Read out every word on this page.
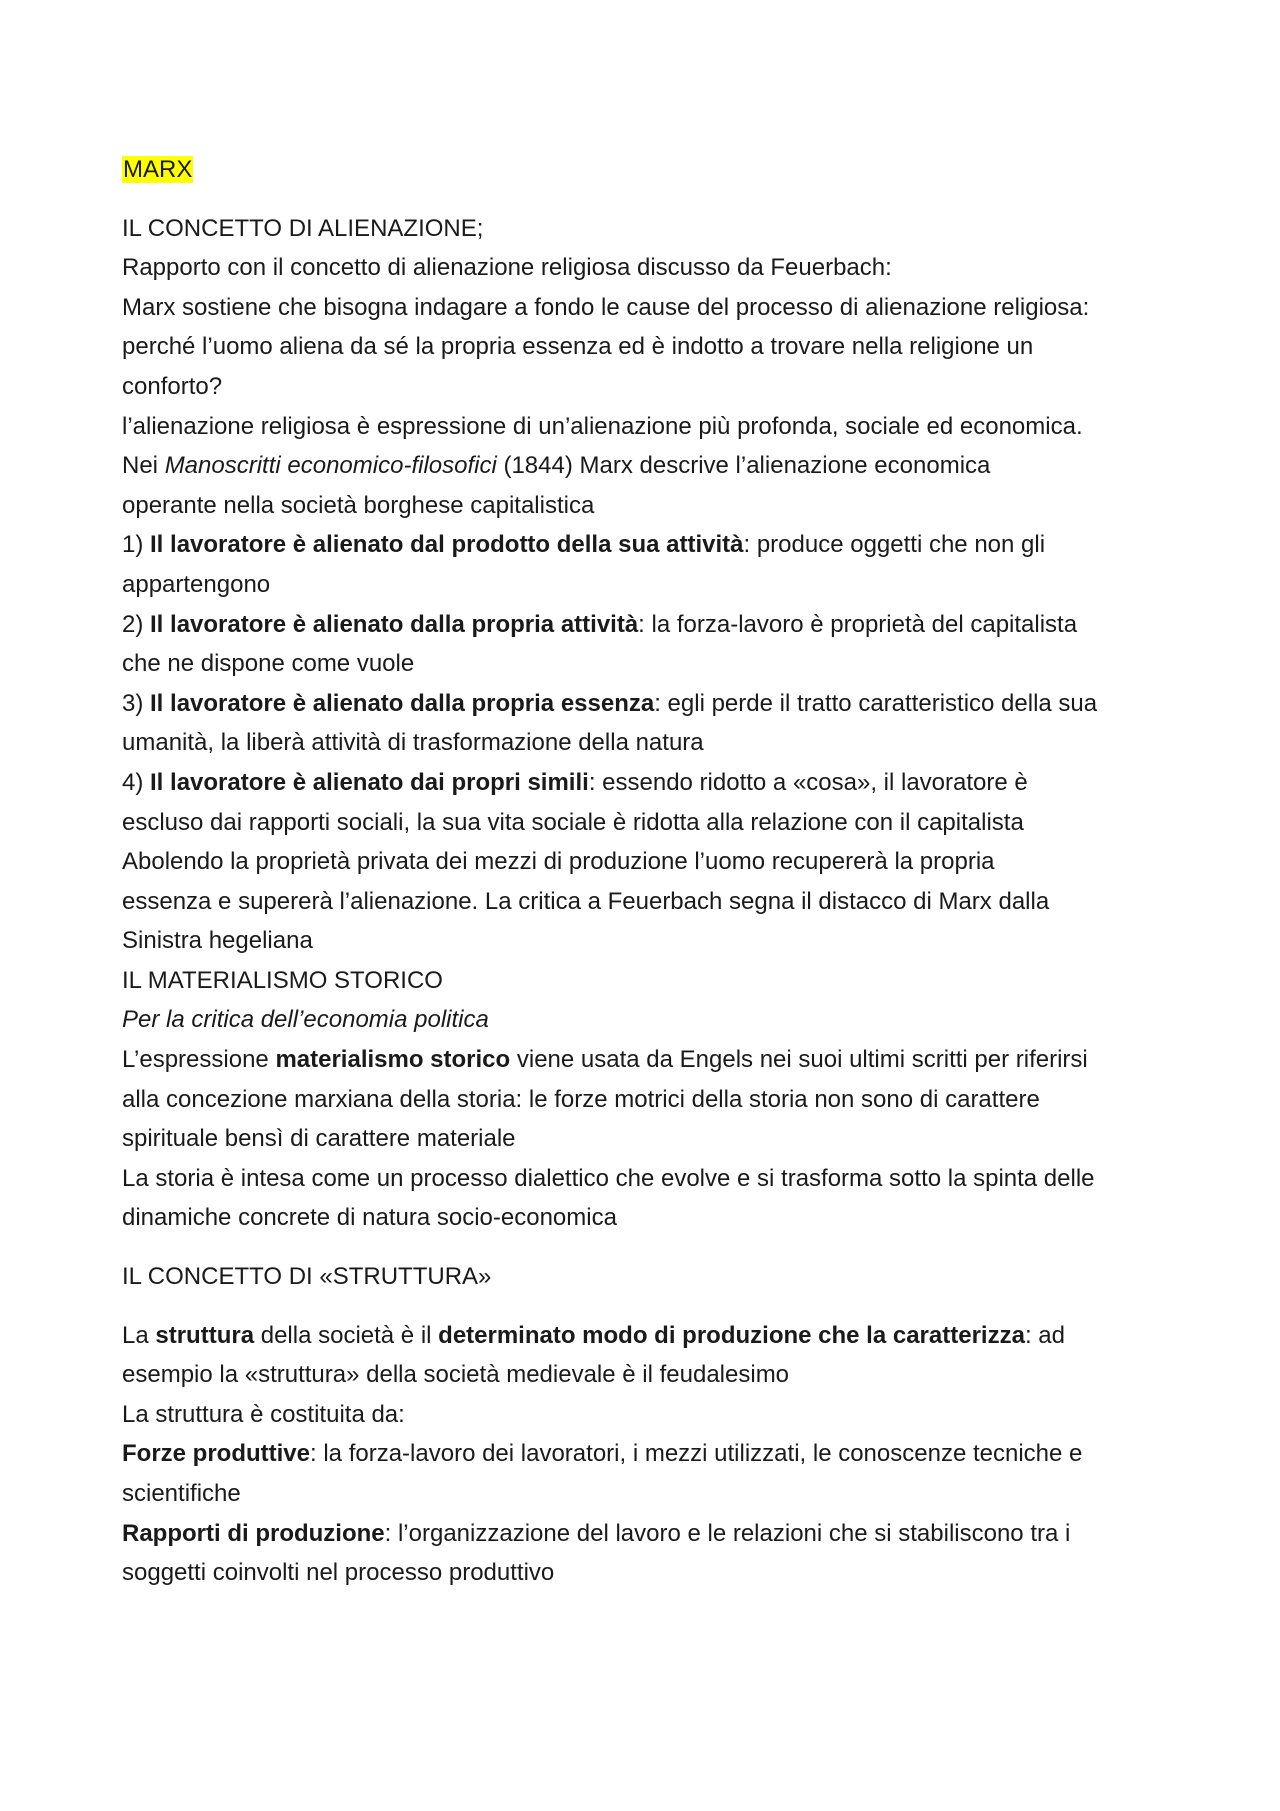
MARX
IL CONCETTO DI ALIENAZIONE;
Rapporto con il concetto di alienazione religiosa discusso da Feuerbach:
Marx sostiene che bisogna indagare a fondo le cause del processo di alienazione religiosa:
perché l’uomo aliena da sé la propria essenza ed è indotto a trovare nella religione un
conforto?
l’alienazione religiosa è espressione di un’alienazione più profonda, sociale ed economica.
Nei Manoscritti economico-filosofici (1844) Marx descrive l’alienazione economica
operante nella società borghese capitalistica
1) Il lavoratore è alienato dal prodotto della sua attività: produce oggetti che non gli
appartengono
2) Il lavoratore è alienato dalla propria attività: la forza-lavoro è proprietà del capitalista
che ne dispone come vuole
3) Il lavoratore è alienato dalla propria essenza: egli perde il tratto caratteristico della sua
umanità, la liberà attività di trasformazione della natura
4) Il lavoratore è alienato dai propri simili: essendo ridotto a «cosa», il lavoratore è
escluso dai rapporti sociali, la sua vita sociale è ridotta alla relazione con il capitalista
Abolendo la proprietà privata dei mezzi di produzione l’uomo recupererà la propria
essenza e supererà l’alienazione. La critica a Feuerbach segna il distacco di Marx dalla
Sinistra hegeliana
IL MATERIALISMO STORICO
Per la critica dell’economia politica
L’espressione materialismo storico viene usata da Engels nei suoi ultimi scritti per riferirsi
alla concezione marxiana della storia: le forze motrici della storia non sono di carattere
spirituale bensì di carattere materiale
La storia è intesa come un processo dialettico che evolve e si trasforma sotto la spinta delle
dinamiche concrete di natura socio-economica
IL CONCETTO DI «STRUTTURA»
La struttura della società è il determinato modo di produzione che la caratterizza: ad
esempio la «struttura» della società medievale è il feudalesimo
La struttura è costituita da:
Forze produttive: la forza-lavoro dei lavoratori, i mezzi utilizzati, le conoscenze tecniche e
scientifiche
Rapporti di produzione: l’organizzazione del lavoro e le relazioni che si stabiliscono tra i
soggetti coinvolti nel processo produttivo
